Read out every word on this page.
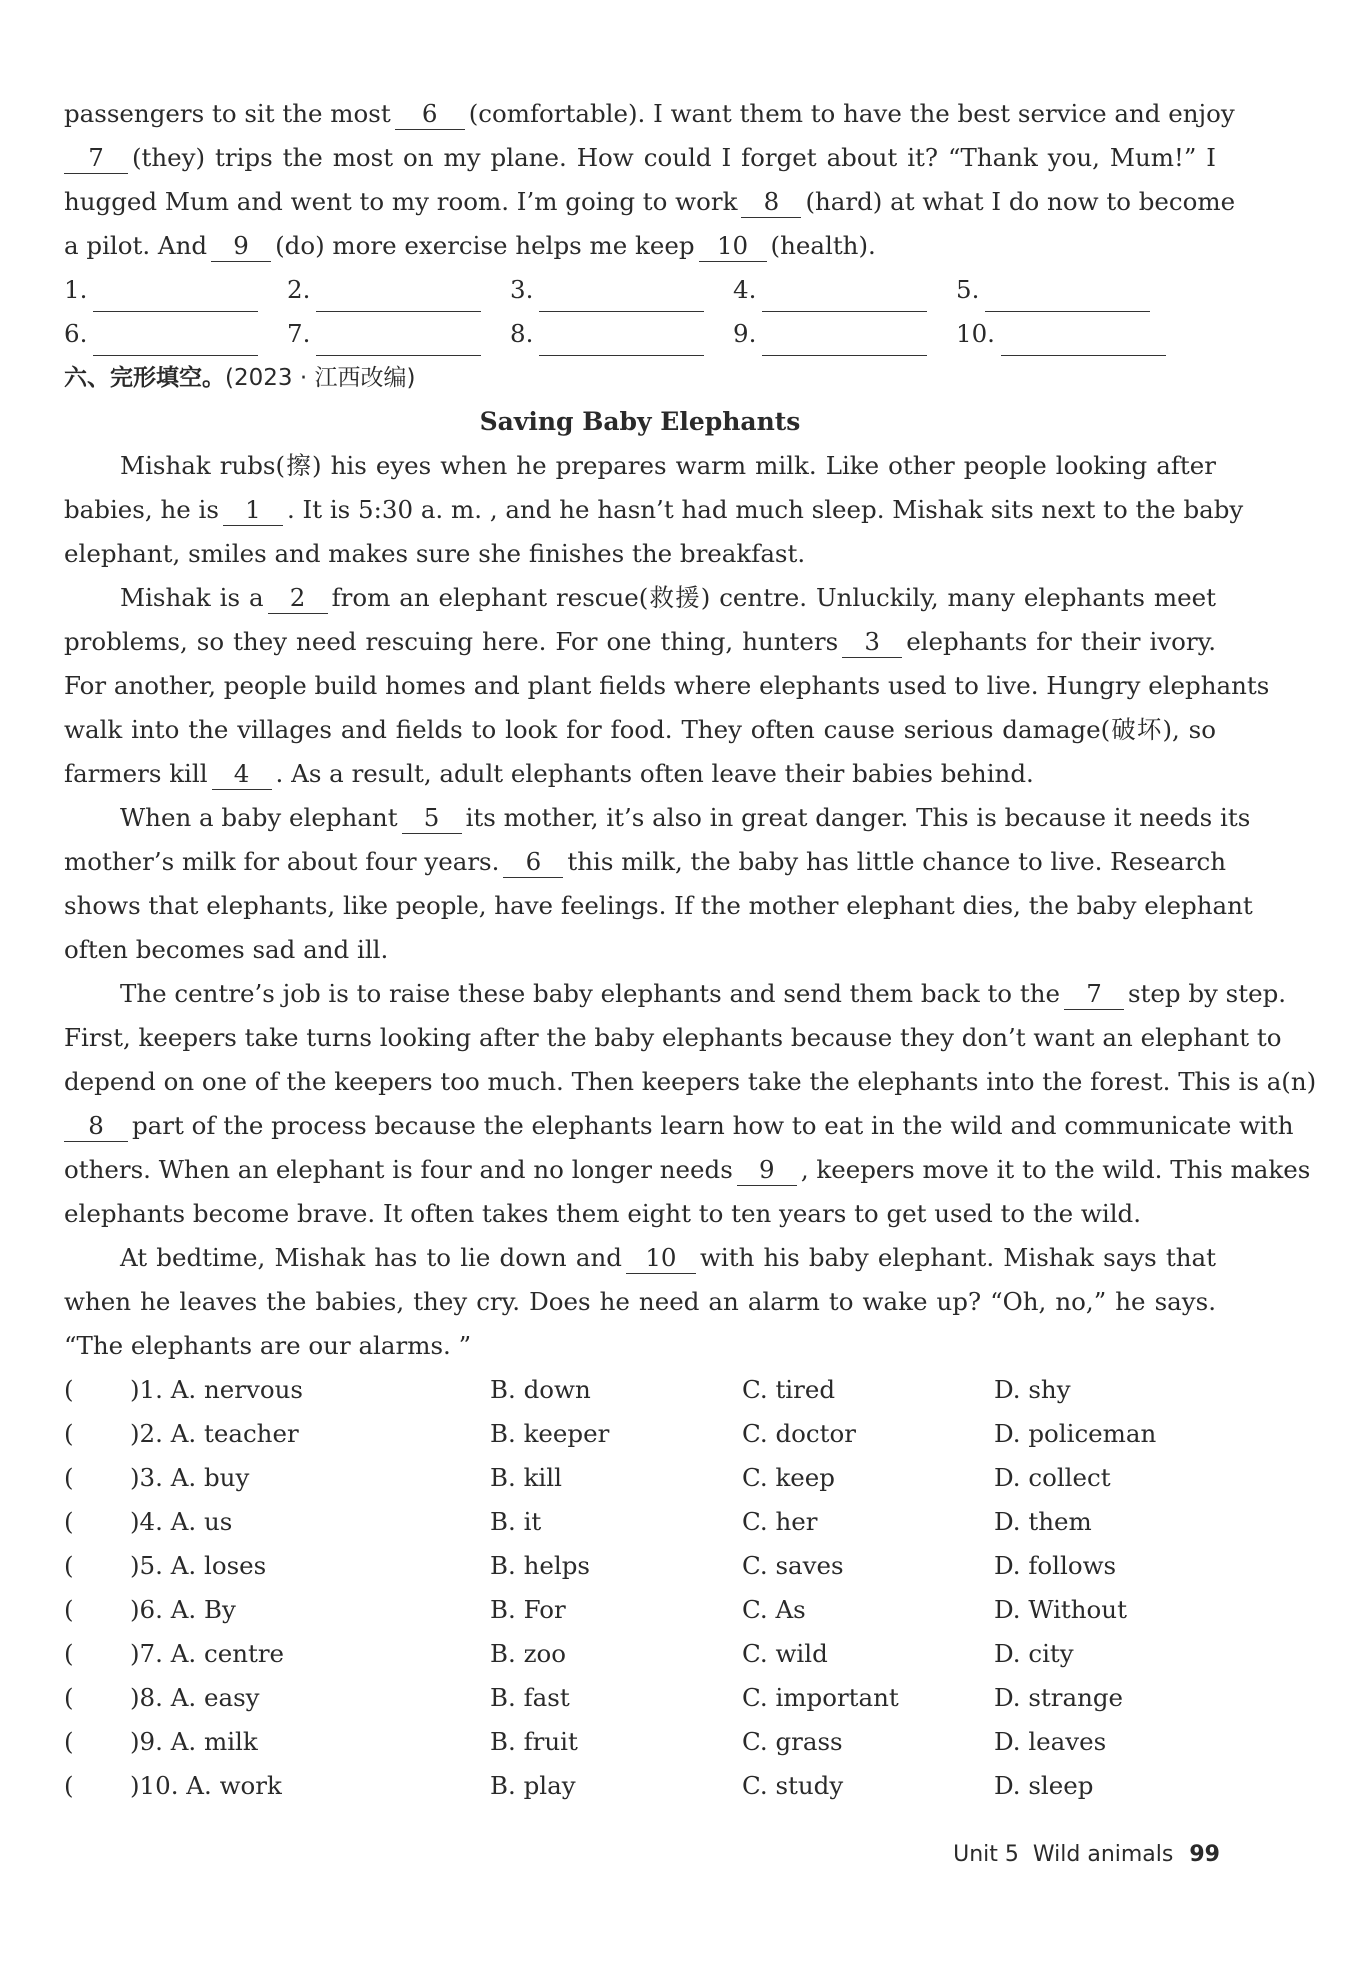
passengers to sit the most 6 (comfortable). I want them to have the best service and enjoy
7 (they) trips the most on my plane. How could I forget about it? “Thank you, Mum!” I
hugged Mum and went to my room. I’m going to work 8 (hard) at what I do now to become
a pilot. And 9 (do) more exercise helps me keep 10 (health).
1.	2.	3.	4.	5.
6.	7.	8.	9.	10.
六、完形填空。(2023 · 江西改编)
Saving Baby Elephants
Mishak rubs(擦) his eyes when he prepares warm milk. Like other people looking after
babies, he is 1 . It is 5:30 a. m. , and he hasn’t had much sleep. Mishak sits next to the baby
elephant, smiles and makes sure she finishes the breakfast.
Mishak is a 2 from an elephant rescue(救援) centre. Unluckily, many elephants meet
problems, so they need rescuing here. For one thing, hunters 3 elephants for their ivory.
For another, people build homes and plant fields where elephants used to live. Hungry elephants
walk into the villages and fields to look for food. They often cause serious damage(破坏), so
farmers kill 4 . As a result, adult elephants often leave their babies behind.
When a baby elephant 5 its mother, it’s also in great danger. This is because it needs its
mother’s milk for about four years. 6 this milk, the baby has little chance to live. Research
shows that elephants, like people, have feelings. If the mother elephant dies, the baby elephant
often becomes sad and ill.
The centre’s job is to raise these baby elephants and send them back to the 7 step by step.
First, keepers take turns looking after the baby elephants because they don’t want an elephant to
depend on one of the keepers too much. Then keepers take the elephants into the forest. This is a(n)
8 part of the process because the elephants learn how to eat in the wild and communicate with
others. When an elephant is four and no longer needs 9 , keepers move it to the wild. This makes
elephants become brave. It often takes them eight to ten years to get used to the wild.
At bedtime, Mishak has to lie down and 10 with his baby elephant. Mishak says that
when he leaves the babies, they cry. Does he need an alarm to wake up? “Oh, no,” he says.
“The elephants are our alarms. ”
(	)1. A. nervous	B. down	C. tired	D. shy
(	)2. A. teacher	B. keeper	C. doctor	D. policeman
(	)3. A. buy	B. kill	C. keep	D. collect
(	)4. A. us	B. it	C. her	D. them
(	)5. A. loses	B. helps	C. saves	D. follows
(	)6. A. By	B. For	C. As	D. Without
(	)7. A. centre	B. zoo	C. wild	D. city
(	)8. A. easy	B. fast	C. important	D. strange
(	)9. A. milk	B. fruit	C. grass	D. leaves
(	)10. A. work	B. play	C. study	D. sleep
Unit 5 Wild animals 99
